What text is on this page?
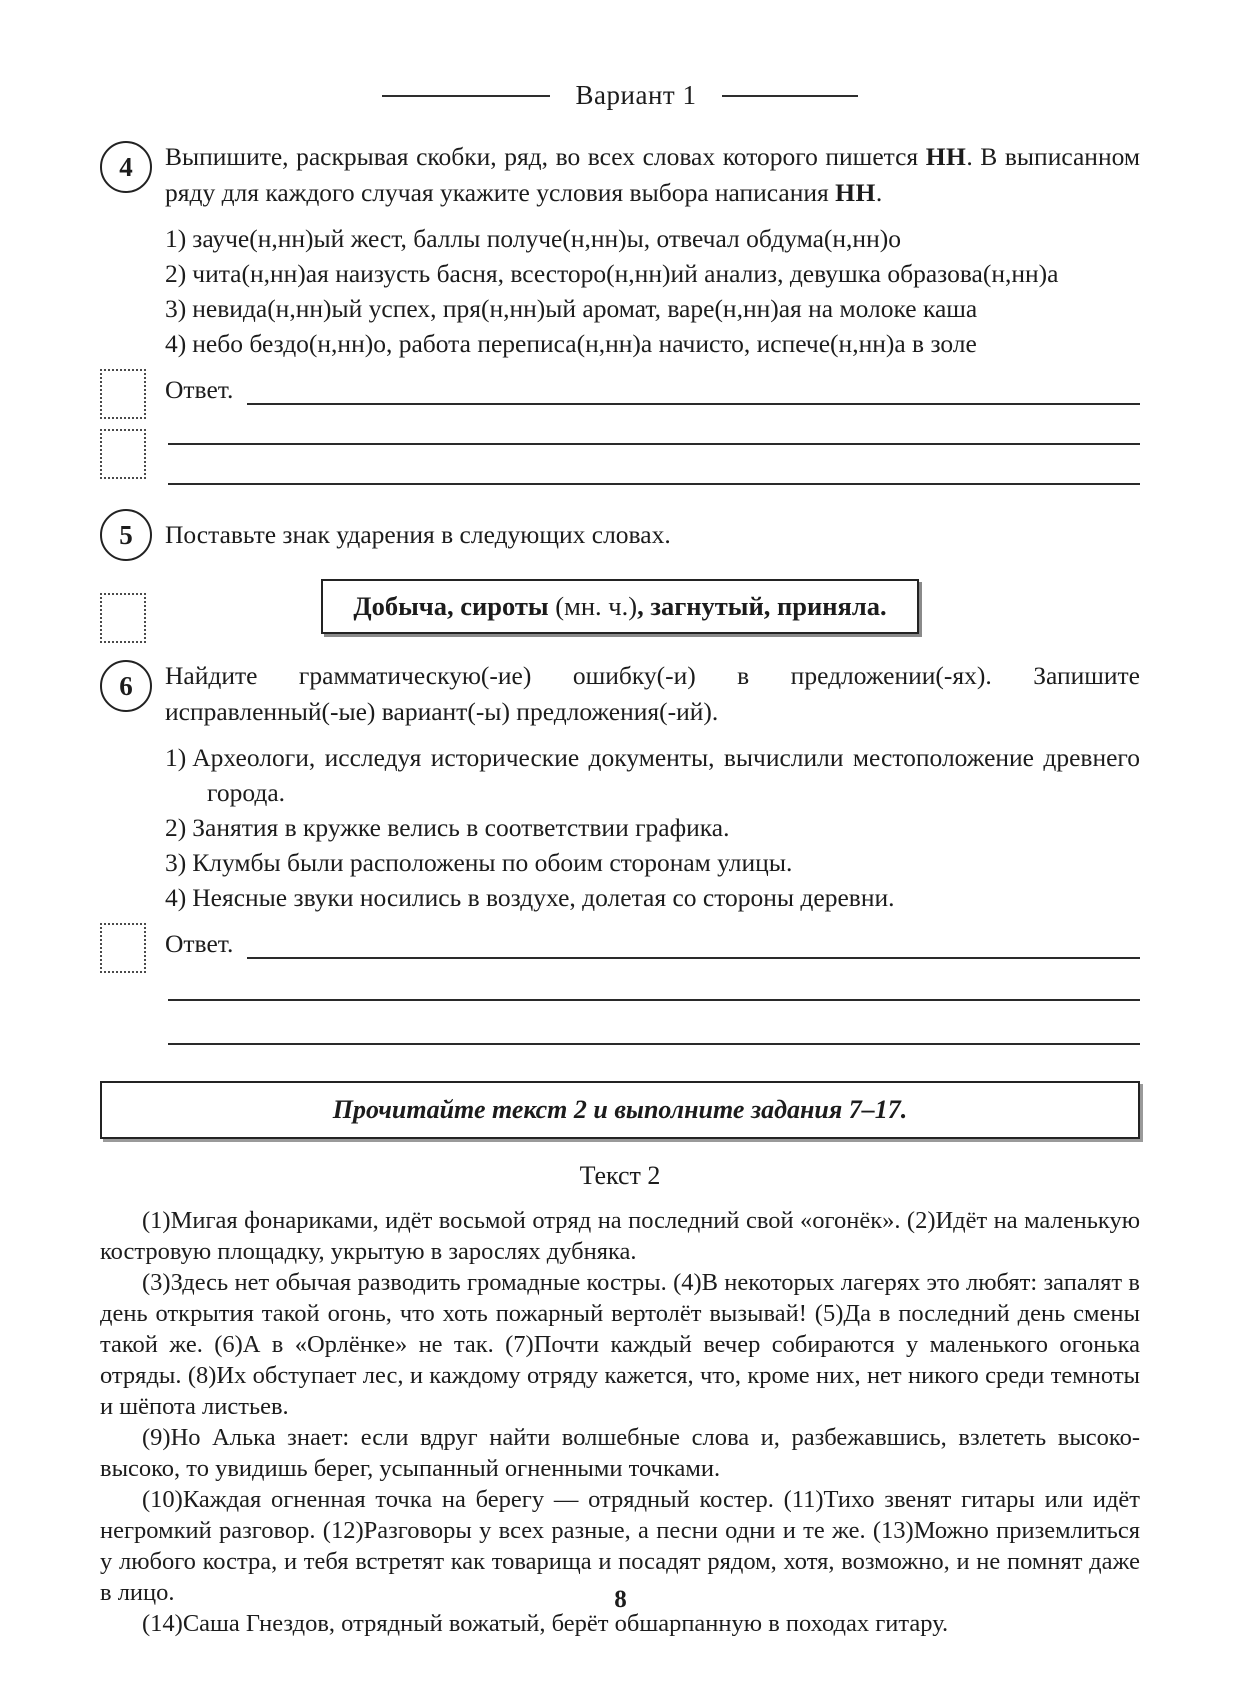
Вариант 1
4 Выпишите, раскрывая скобки, ряд, во всех словах которого пишется НН. В выписанном ряду для каждого случая укажите условия выбора написания НН.
1) зауче(н,нн)ый жест, баллы получе(н,нн)ы, отвечал обдума(н,нн)о
2) чита(н,нн)ая наизусть басня, всесторо(н,нн)ий анализ, девушка образова(н,нн)а
3) невида(н,нн)ый успех, пря(н,нн)ый аромат, варе(н,нн)ая на молоке каша
4) небо бездо(н,нн)о, работа переписа(н,нн)а начисто, испече(н,нн)а в золе
Ответ.
5 Поставьте знак ударения в следующих словах.
Добыча, сироты (мн. ч.), загнутый, приняла.
6 Найдите грамматическую(-ие) ошибку(-и) в предложении(-ях). Запишите исправленный(-ые) вариант(-ы) предложения(-ий).
1) Археологи, исследуя исторические документы, вычислили местоположение древнего города.
2) Занятия в кружке велись в соответствии графика.
3) Клумбы были расположены по обоим сторонам улицы.
4) Неясные звуки носились в воздухе, долетая со стороны деревни.
Ответ.
Прочитайте текст 2 и выполните задания 7–17.
Текст 2

(1)Мигая фонариками, идёт восьмой отряд на последний свой «огонёк». (2)Идёт на маленькую костровую площадку, укрытую в зарослях дубняка.

(3)Здесь нет обычая разводить громадные костры. (4)В некоторых лагерях это любят: запалят в день открытия такой огонь, что хоть пожарный вертолёт вызывай! (5)Да в последний день смены такой же. (6)А в «Орлёнке» не так. (7)Почти каждый вечер собираются у маленького огонька отряды. (8)Их обступает лес, и каждому отряду кажется, что, кроме них, нет никого среди темноты и шёпота листьев.

(9)Но Алька знает: если вдруг найти волшебные слова и, разбежавшись, взлететь высоко-высоко, то увидишь берег, усыпанный огненными точками.

(10)Каждая огненная точка на берегу — отрядный костер. (11)Тихо звенят гитары или идёт негромкий разговор. (12)Разговоры у всех разные, а песни одни и те же. (13)Можно приземлиться у любого костра, и тебя встретят как товарища и посадят рядом, хотя, возможно, и не помнят даже в лицо.

(14)Саша Гнездов, отрядный вожатый, берёт обшарпанную в походах гитару.

8
